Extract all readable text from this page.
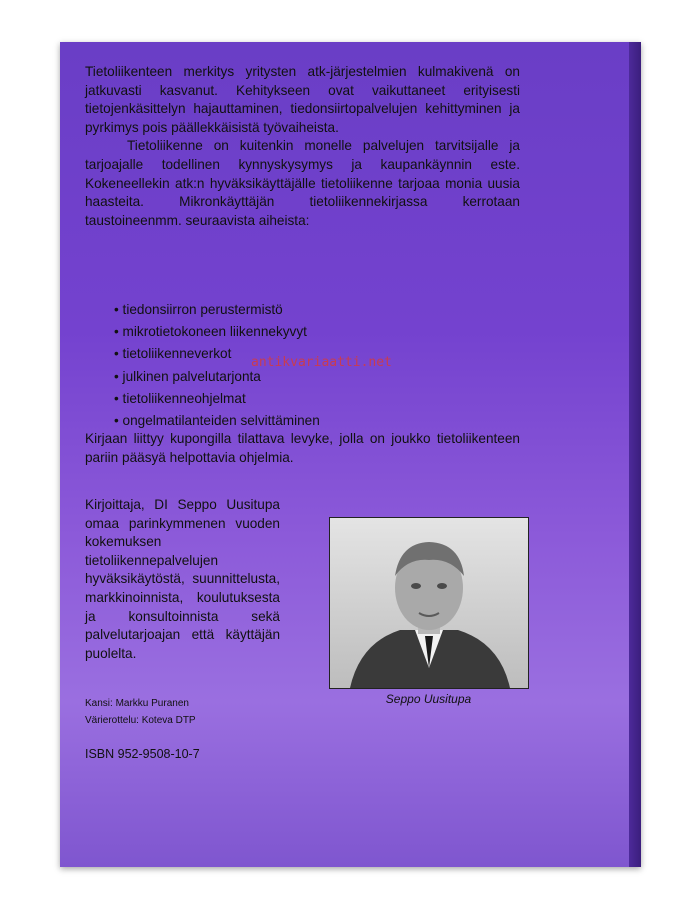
Tietoliikenteen merkitys yritysten atk-järjestelmien kulmakivenä on jatkuvasti kasvanut. Kehitykseen ovat vaikuttaneet erityisesti tietojenkäsittelyn hajauttaminen, tiedonsiirtopalvelujen kehittyminen ja pyrkimys pois päällekkäisistä työvaiheista.

Tietoliikenne on kuitenkin monelle palvelujen tarvitsijalle ja tarjoajalle todellinen kynnyskysymys ja kaupankäynnin este. Kokeneellekin atk:n hyväksikäyttäjälle tietoliikenne tarjoaa monia uusia haasteita. Mikronkäyttäjän tietoliikennekirjassa kerrotaan taustoineenmm. seuraavista aiheista:

• tiedonsiirron perustermistö
• mikrotietokoneen liikennekyvyt
• tietoliikenneverkot
• julkinen palvelutarjonta
• tietoliikenneohjelmat
• ongelmatilanteiden selvittäminen
antikvariaatti.net
Kirjaan liittyy kupongilla tilattava levyke, jolla on joukko tietoliikenteen pariin pääsyä helpottavia ohjelmia.
Kirjoittaja, DI Seppo Uusitupa omaa parinkymmenen vuoden kokemuksen tietoliikennepalvelujen hyväksikäytöstä, suunnittelusta, markkinoinnista, koulutuksesta ja konsultoinnista sekä palvelutarjoajan että käyttäjän puolelta.
Seppo Uusitupa
Kansi: Markku Puranen
Värierottelu: Koteva DTP
ISBN 952-9508-10-7
